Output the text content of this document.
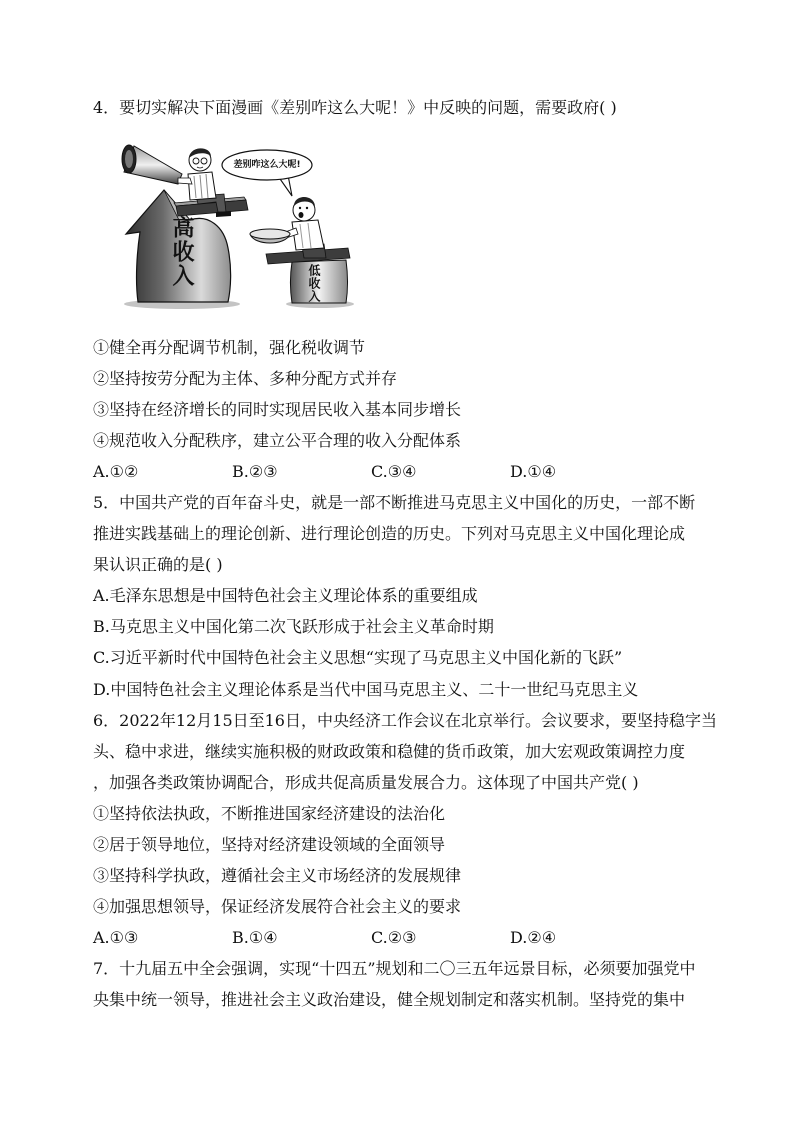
4．要切实解决下面漫画《差别咋这么大呢！》中反映的问题，需要政府( )
差别咋这么大呢!
高收入	低收入
①健全再分配调节机制，强化税收调节
②坚持按劳分配为主体、多种分配方式并存
③坚持在经济增长的同时实现居民收入基本同步增长
④规范收入分配秩序，建立公平合理的收入分配体系
A.①②	B.②③	C.③④	D.①④
5．中国共产党的百年奋斗史，就是一部不断推进马克思主义中国化的历史，一部不断
推进实践基础上的理论创新、进行理论创造的历史。下列对马克思主义中国化理论成
果认识正确的是( )
A.毛泽东思想是中国特色社会主义理论体系的重要组成
B.马克思主义中国化第二次飞跃形成于社会主义革命时期
C.习近平新时代中国特色社会主义思想“实现了马克思主义中国化新的飞跃”
D.中国特色社会主义理论体系是当代中国马克思主义、二十一世纪马克思主义
6．2022年12月15日至16日，中央经济工作会议在北京举行。会议要求，要坚持稳字当
头、稳中求进，继续实施积极的财政政策和稳健的货币政策，加大宏观政策调控力度
，加强各类政策协调配合，形成共促高质量发展合力。这体现了中国共产党( )
①坚持依法执政，不断推进国家经济建设的法治化
②居于领导地位，坚持对经济建设领域的全面领导
③坚持科学执政，遵循社会主义市场经济的发展规律
④加强思想领导，保证经济发展符合社会主义的要求
A.①③	B.①④	C.②③	D.②④
7．十九届五中全会强调，实现“十四五”规划和二〇三五年远景目标，必须要加强党中
央集中统一领导，推进社会主义政治建设，健全规划制定和落实机制。坚持党的集中
